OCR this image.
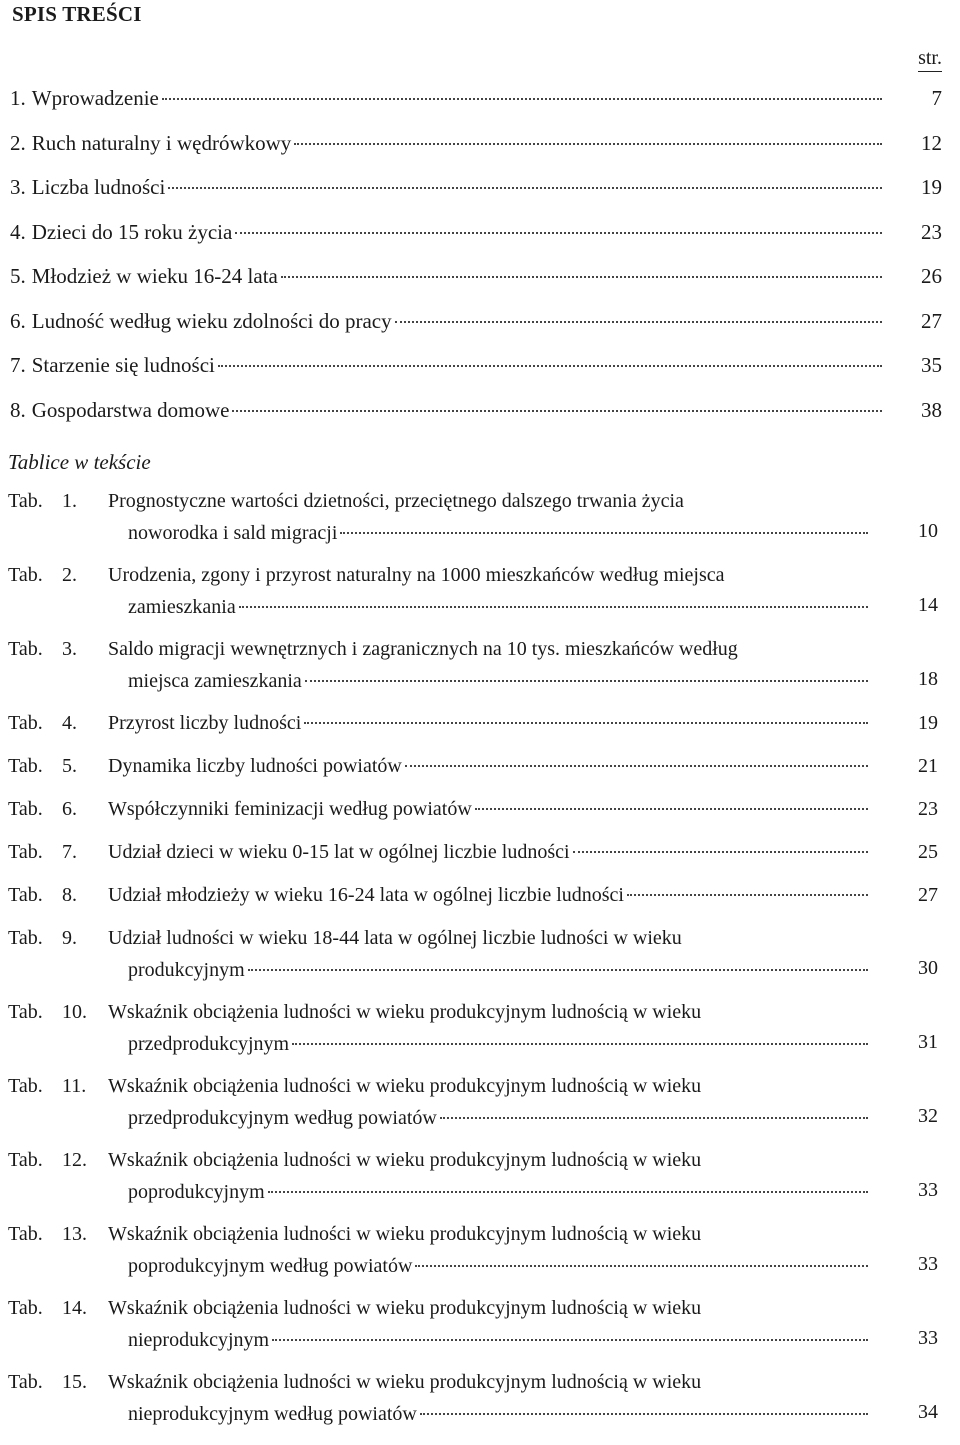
SPIS TREŚCI
str.
1. Wprowadzenie	7
2. Ruch naturalny i wędrówkowy	12
3. Liczba ludności	19
4. Dzieci do 15 roku życia	23
5. Młodzież w wieku 16-24 lata	26
6. Ludność według wieku zdolności do pracy	27
7. Starzenie się ludności	35
8. Gospodarstwa domowe	38
Tablice w tekście
Tab. 1.	Prognostyczne wartości dzietności, przeciętnego dalszego trwania życia
noworodka i sald migracji	10
Tab. 2.	Urodzenia, zgony i przyrost naturalny na 1000 mieszkańców według miejsca
zamieszkania	14
Tab. 3.	Saldo migracji wewnętrznych i zagranicznych na 10 tys. mieszkańców według
miejsca zamieszkania	18
Tab. 4.	Przyrost liczby ludności	19
Tab. 5.	Dynamika liczby ludności powiatów	21
Tab. 6.	Współczynniki feminizacji według powiatów	23
Tab. 7.	Udział dzieci w wieku 0-15 lat w ogólnej liczbie ludności	25
Tab. 8.	Udział młodzieży w wieku 16-24 lata w ogólnej liczbie ludności	27
Tab. 9.	Udział ludności w wieku 18-44 lata w ogólnej liczbie ludności w wieku
produkcyjnym	30
Tab. 10.	Wskaźnik obciążenia ludności w wieku produkcyjnym ludnością w wieku
przedprodukcyjnym	31
Tab. 11.	Wskaźnik obciążenia ludności w wieku produkcyjnym ludnością w wieku
przedprodukcyjnym według powiatów	32
Tab. 12.	Wskaźnik obciążenia ludności w wieku produkcyjnym ludnością w wieku
poprodukcyjnym	33
Tab. 13.	Wskaźnik obciążenia ludności w wieku produkcyjnym ludnością w wieku
poprodukcyjnym według powiatów	33
Tab. 14.	Wskaźnik obciążenia ludności w wieku produkcyjnym ludnością w wieku
nieprodukcyjnym	33
Tab. 15.	Wskaźnik obciążenia ludności w wieku produkcyjnym ludnością w wieku
nieprodukcyjnym według powiatów	34
